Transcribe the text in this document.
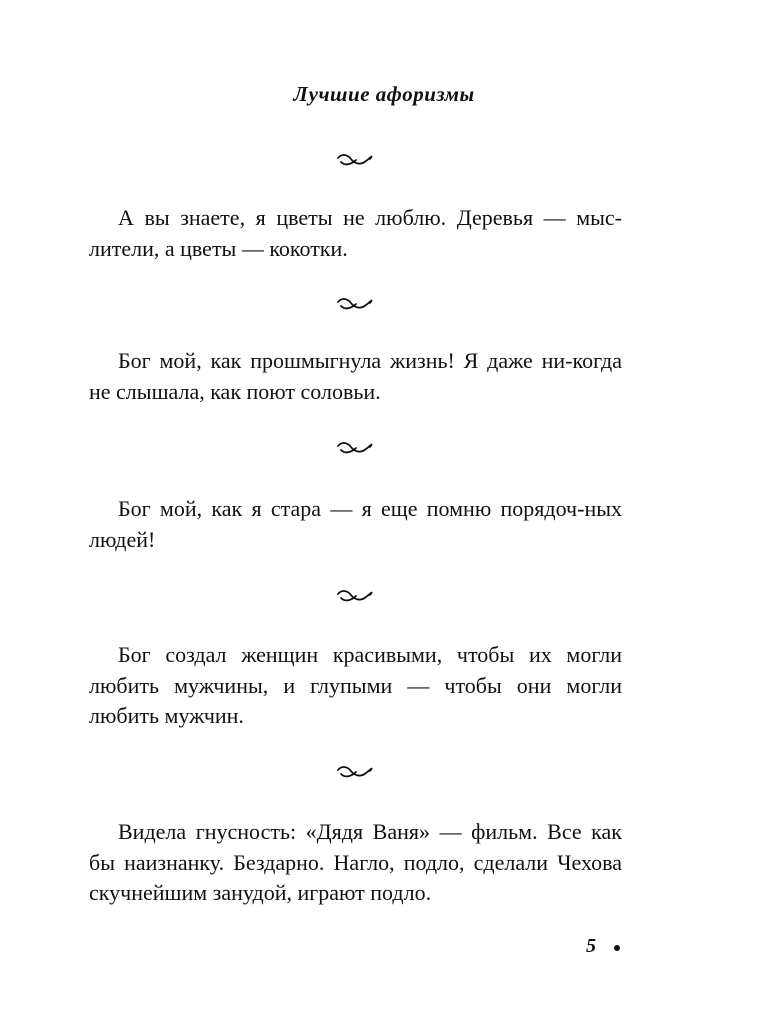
Лучшие афоризмы

А вы знаете, я цветы не люблю. Деревья — мыс-лители, а цветы — кокотки.

Бог мой, как прошмыгнула жизнь! Я даже ни-когда не слышала, как поют соловьи.

Бог мой, как я стара — я еще помню порядоч-ных людей!

Бог создал женщин красивыми, чтобы их могли любить мужчины, и глупыми — чтобы они могли любить мужчин.

Видела гнусность: «Дядя Ваня» — фильм. Все как бы наизнанку. Бездарно. Нагло, подло, сделали Чехова скучнейшим занудой, играют подло.

5
